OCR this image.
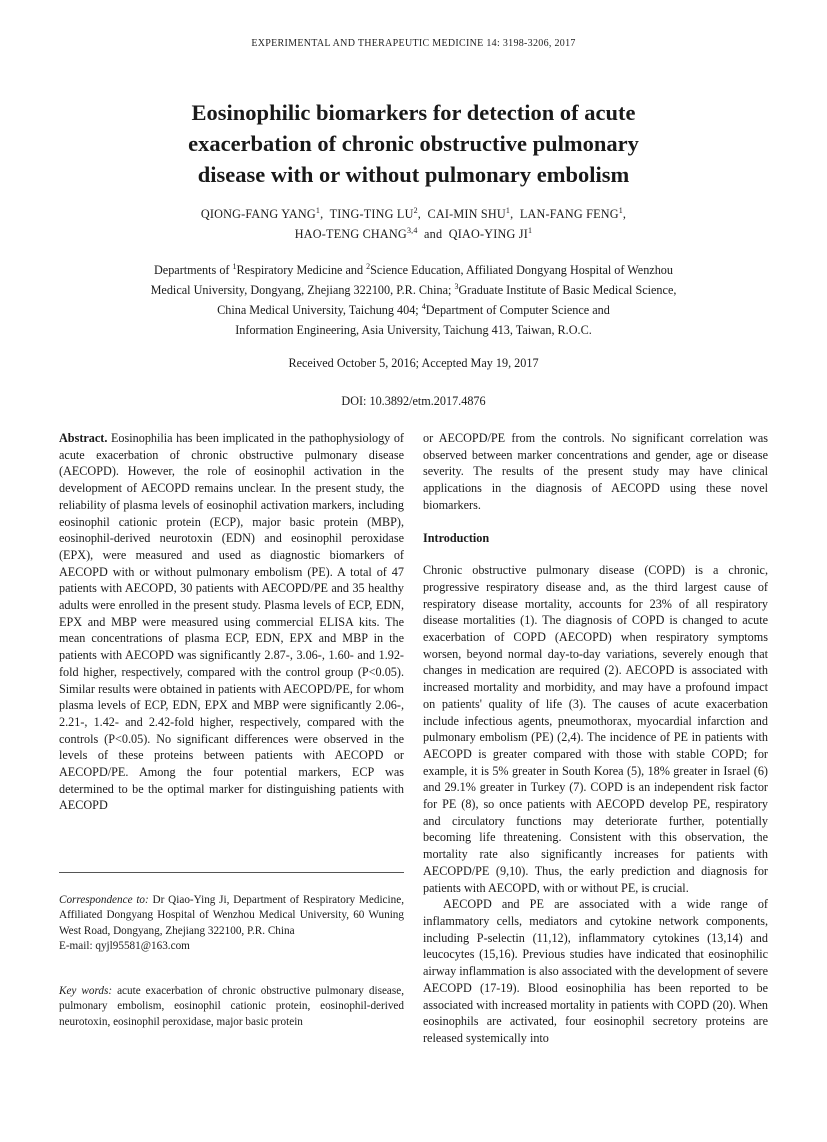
EXPERIMENTAL AND THERAPEUTIC MEDICINE 14: 3198-3206, 2017
Eosinophilic biomarkers for detection of acute
exacerbation of chronic obstructive pulmonary
disease with or without pulmonary embolism
QIONG-FANG YANG$^1$,  TING-TING $LU^2$,  CAI-MIN SHU$^1$,  LAN-FANG FENG$^1$,
HAO-TENG CHANG$^{3,4}$ and QIAO-YING $JI^1$
Departments of $^1$Respiratory Medicine and $^2$Science Education, Affiliated Dongyang Hospital of Wenzhou
Medical University, Dongyang, Zhejiang 322100, P.R. China; $^3$Graduate Institute of Basic Medical Science,
China Medical University, Taichung 404; $^4$Department of Computer Science and
Information Engineering, Asia University, Taichung 413, Taiwan, R.O.C.
Received October 5, 2016; Accepted May 19, 2017
DOI: 10.3892/etm.2017.4876

Abstract. Eosinophilia has been implicated in the pathophysiology of acute exacerbation of chronic obstructive pulmonary disease (AECOPD). However, the role of eosinophil activation in the development of AECOPD remains unclear. In the present study, the reliability of plasma levels of eosinophil activation markers, including eosinophil cationic protein (ECP), major basic protein (MBP), eosinophil-derived neurotoxin (EDN) and eosinophil peroxidase (EPX), were measured and used as diagnostic biomarkers of AECOPD with or without pulmonary embolism (PE). A total of 47 patients with AECOPD, 30 patients with AECOPD/PE and 35 healthy adults were enrolled in the present study. Plasma levels of ECP, EDN, EPX and MBP were measured using commercial ELISA kits. The mean concentrations of plasma ECP, EDN, EPX and MBP in the patients with AECOPD was significantly 2.87-, 3.06-, 1.60- and 1.92-fold higher, respectively, compared with the control group (P<0.05). Similar results were obtained in patients with AECOPD/PE, for whom plasma levels of ECP, EDN, EPX and MBP were significantly 2.06-, 2.21-, 1.42- and 2.42-fold higher, respectively, compared with the controls (P<0.05). No significant differences were observed in the levels of these proteins between patients with AECOPD or AECOPD/PE. Among the four potential markers, ECP was determined to be the optimal marker for distinguishing patients with AECOPD

or AECOPD/PE from the controls. No significant correlation was observed between marker concentrations and gender, age or disease severity. The results of the present study may have clinical applications in the diagnosis of AECOPD using these novel biomarkers.

Introduction

Chronic obstructive pulmonary disease (COPD) is a chronic, progressive respiratory disease and, as the third largest cause of respiratory disease mortality, accounts for 23% of all respiratory disease mortalities (1). The diagnosis of COPD is changed to acute exacerbation of COPD (AECOPD) when respiratory symptoms worsen, beyond normal day-to-day variations, severely enough that changes in medication are required (2). AECOPD is associated with increased mortality and morbidity, and may have a profound impact on patients' quality of life (3). The causes of acute exacerbation include infectious agents, pneumothorax, myocardial infarction and pulmonary embolism (PE) (2,4). The incidence of PE in patients with AECOPD is greater compared with those with stable COPD; for example, it is 5% greater in South Korea (5), 18% greater in Israel (6) and 29.1% greater in Turkey (7). COPD is an independent risk factor for PE (8), so once patients with AECOPD develop PE, respiratory and circulatory functions may deteriorate further, potentially becoming life threatening. Consistent with this observation, the mortality rate also significantly increases for patients with AECOPD/PE (9,10). Thus, the early prediction and diagnosis for patients with AECOPD, with or without PE, is crucial.

AECOPD and PE are associated with a wide range of inflammatory cells, mediators and cytokine network components, including P-selectin (11,12), inflammatory cytokines (13,14) and leucocytes (15,16). Previous studies have indicated that eosinophilic airway inflammation is also associated with the development of severe AECOPD (17-19). Blood eosinophilia has been reported to be associated with increased mortality in patients with COPD (20). When eosinophils are activated, four eosinophil secretory proteins are released systemically into

Correspondence to: Dr Qiao-Ying Ji, Department of Respiratory Medicine, Affiliated Dongyang Hospital of Wenzhou Medical University, 60 Wuning West Road, Dongyang, Zhejiang 322100, P.R. China

E-mail: qyjl95581@163.com

Key words: acute exacerbation of chronic obstructive pulmonary disease, pulmonary embolism, eosinophil cationic protein, eosinophil-derived neurotoxin, eosinophil peroxidase, major basic protein
